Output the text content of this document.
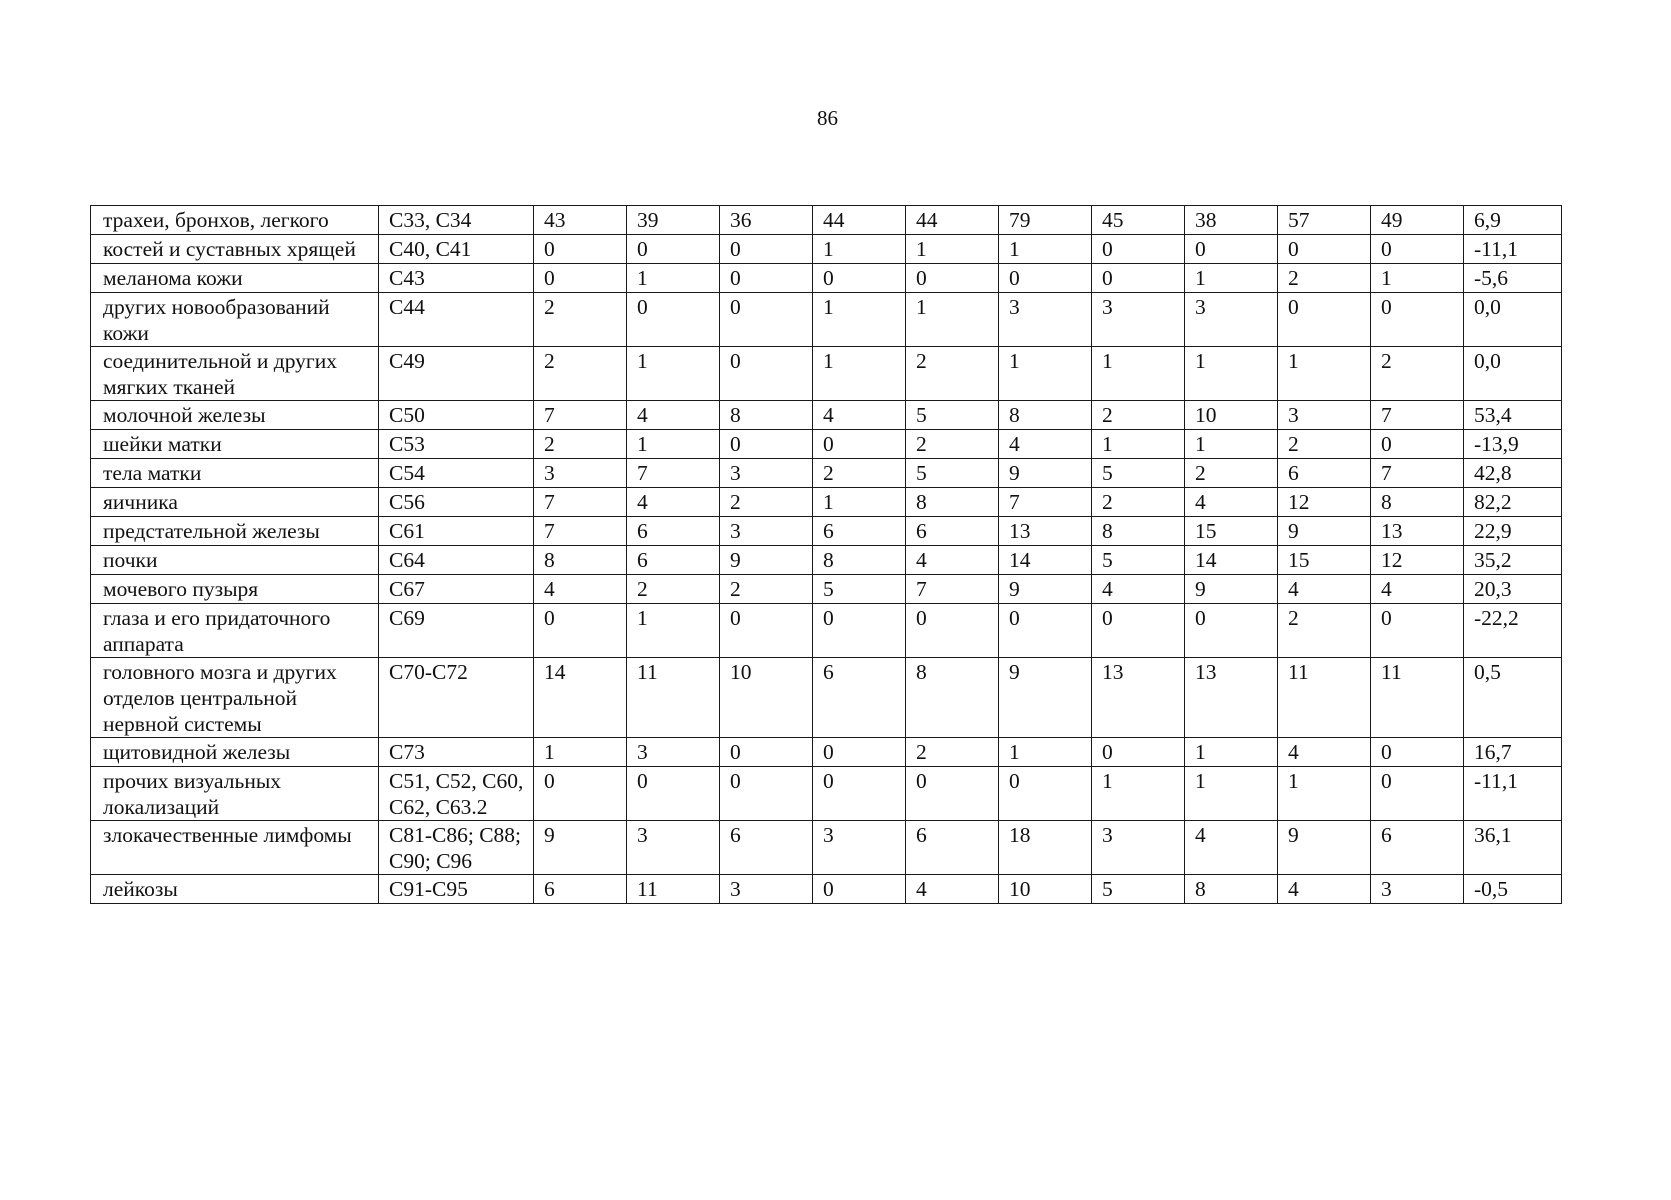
86
трахеи, бронхов, легкого	С33, С34	43	39	36	44	44	79	45	38	57	49	6,9
костей и суставных хрящей	С40, С41	0	0	0	1	1	1	0	0	0	0	-11,1
меланома кожи	С43	0	1	0	0	0	0	0	1	2	1	-5,6
других новообразований кожи	С44	2	0	0	1	1	3	3	3	0	0	0,0
соединительной и других мягких тканей	С49	2	1	0	1	2	1	1	1	1	2	0,0
молочной железы	С50	7	4	8	4	5	8	2	10	3	7	53,4
шейки матки	С53	2	1	0	0	2	4	1	1	2	0	-13,9
тела матки	С54	3	7	3	2	5	9	5	2	6	7	42,8
яичника	С56	7	4	2	1	8	7	2	4	12	8	82,2
предстательной железы	С61	7	6	3	6	6	13	8	15	9	13	22,9
почки	С64	8	6	9	8	4	14	5	14	15	12	35,2
мочевого пузыря	С67	4	2	2	5	7	9	4	9	4	4	20,3
глаза и его придаточного аппарата	С69	0	1	0	0	0	0	0	0	2	0	-22,2
головного мозга и других отделов центральной нервной системы	С70-С72	14	11	10	6	8	9	13	13	11	11	0,5
щитовидной железы	С73	1	3	0	0	2	1	0	1	4	0	16,7
прочих визуальных локализаций	С51, С52, С60, С62, С63.2	0	0	0	0	0	0	1	1	1	0	-11,1
злокачественные лимфомы	С81-С86; С88; С90; С96	9	3	6	3	6	18	3	4	9	6	36,1
лейкозы	С91-С95	6	11	3	0	4	10	5	8	4	3	-0,5
